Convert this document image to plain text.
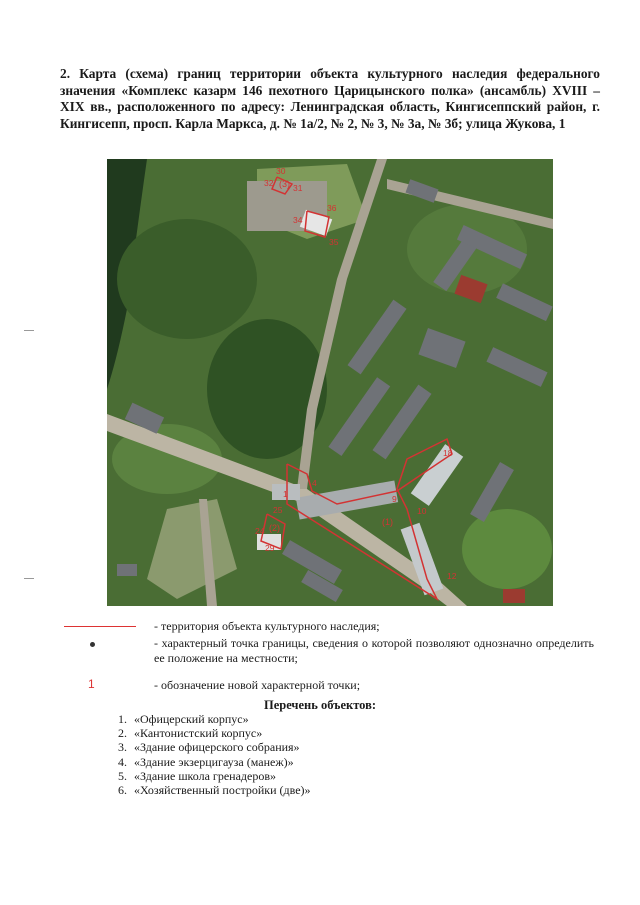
2. Карта (схема) границ территории объекта культурного наследия федерального значения «Комплекс казарм 146 пехотного Царицынского полка» (ансамбль) XVIII – XIX вв., расположенного по адресу: Ленинградская область, Кингисеппский район, г. Кингисепп, просп. Карла Маркса, д. № 1а/2, № 2, № 3, № 3а, № 3б; улица Жукова, 1
30
32 31
34
36
35
1
4
18
9
10
12
25
24
29
(1)
(2)
(3)
- территория объекта культурного наследия;
- характерный точка границы, сведения о которой позволяют однозначно определить ее положение на местности;
1	- обозначение новой характерной точки;
Перечень объектов:
1. «Офицерский корпус»
2. «Кантонистский корпус»
3. «Здание офицерского собрания»
4. «Здание экзерцигауза (манеж)»
5. «Здание школа гренадеров»
6. «Хозяйственный постройки (две)»
